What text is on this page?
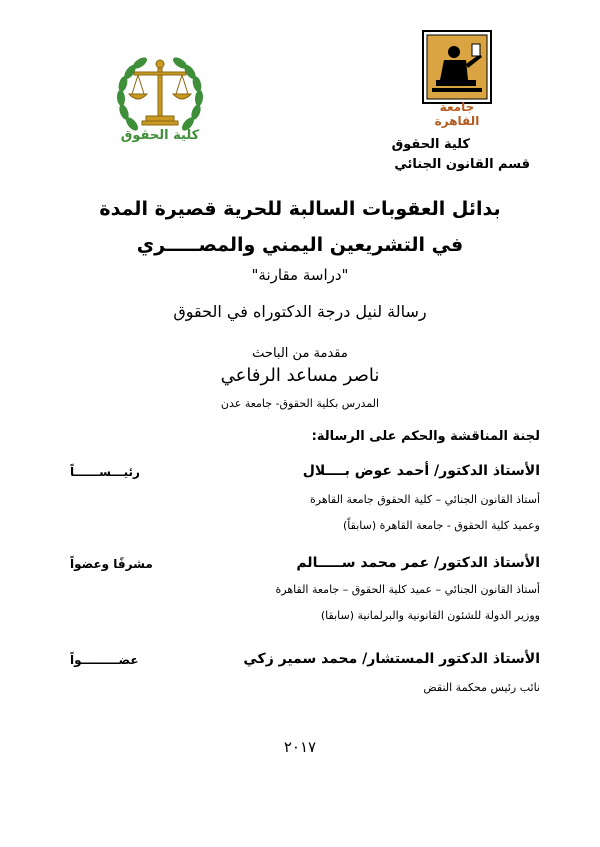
كلية الحقوق
جامعة القاهرة
كلية الحقوق
قسم القانون الجنائي
بدائل العقوبات السالبة للحرية قصيرة المدة
في التشريعين اليمني والمصـــــري
"دراسة مقارنة"
رسالة لنيل درجة الدكتوراه في الحقوق
مقدمة من الباحث
ناصر مساعد الرفاعي
المدرس بكلية الحقوق- جامعة عدن
لجنة المناقشة والحكم على الرسالة:
الأستاذ الدكتور/ أحمد عوض بــــلال
رئيـــســــــاً
أستاذ القانون الجنائي – كلية الحقوق جامعة القاهرة
وعميد كلية الحقوق - جامعة القاهرة (سابقاً)
الأستاذ الدكتور/ عمر محمد ســـــالم
مشرفًا وعضواً
أستاذ القانون الجنائي – عميد كلية الحقوق – جامعة القاهرة
ووزير الدولة للشئون القانونية والبرلمانية (سابقا)
الأستاذ الدكتور المستشار/ محمد سمير زكي
عضـــــــــواً
نائب رئيس محكمة النقض
٢٠١٧
